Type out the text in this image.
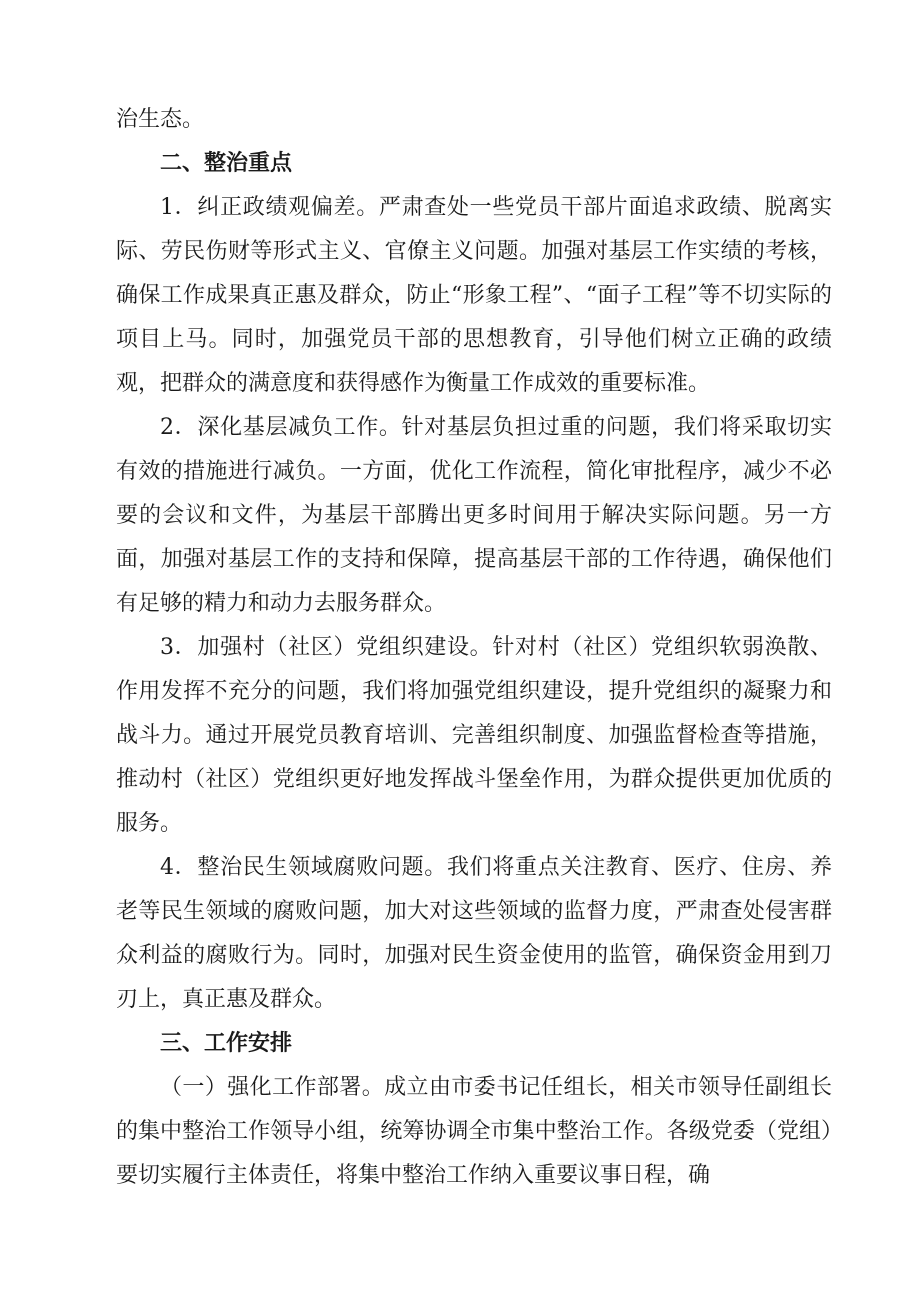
治生态。

二、整治重点

1．纠正政绩观偏差。严肃查处一些党员干部片面追求政绩、脱离实际、劳民伤财等形式主义、官僚主义问题。加强对基层工作实绩的考核，确保工作成果真正惠及群众，防止“形象工程”、“面子工程”等不切实际的项目上马。同时，加强党员干部的思想教育，引导他们树立正确的政绩观，把群众的满意度和获得感作为衡量工作成效的重要标准。

2．深化基层减负工作。针对基层负担过重的问题，我们将采取切实有效的措施进行减负。一方面，优化工作流程，简化审批程序，减少不必要的会议和文件，为基层干部腾出更多时间用于解决实际问题。另一方面，加强对基层工作的支持和保障，提高基层干部的工作待遇，确保他们有足够的精力和动力去服务群众。

3．加强村（社区）党组织建设。针对村（社区）党组织软弱涣散、作用发挥不充分的问题，我们将加强党组织建设，提升党组织的凝聚力和战斗力。通过开展党员教育培训、完善组织制度、加强监督检查等措施，推动村（社区）党组织更好地发挥战斗堡垒作用，为群众提供更加优质的服务。

4．整治民生领域腐败问题。我们将重点关注教育、医疗、住房、养老等民生领域的腐败问题，加大对这些领域的监督力度，严肃查处侵害群众利益的腐败行为。同时，加强对民生资金使用的监管，确保资金用到刀刃上，真正惠及群众。

三、工作安排

（一）强化工作部署。成立由市委书记任组长，相关市领导任副组长的集中整治工作领导小组，统筹协调全市集中整治工作。各级党委（党组）要切实履行主体责任，将集中整治工作纳入重要议事日程，确
